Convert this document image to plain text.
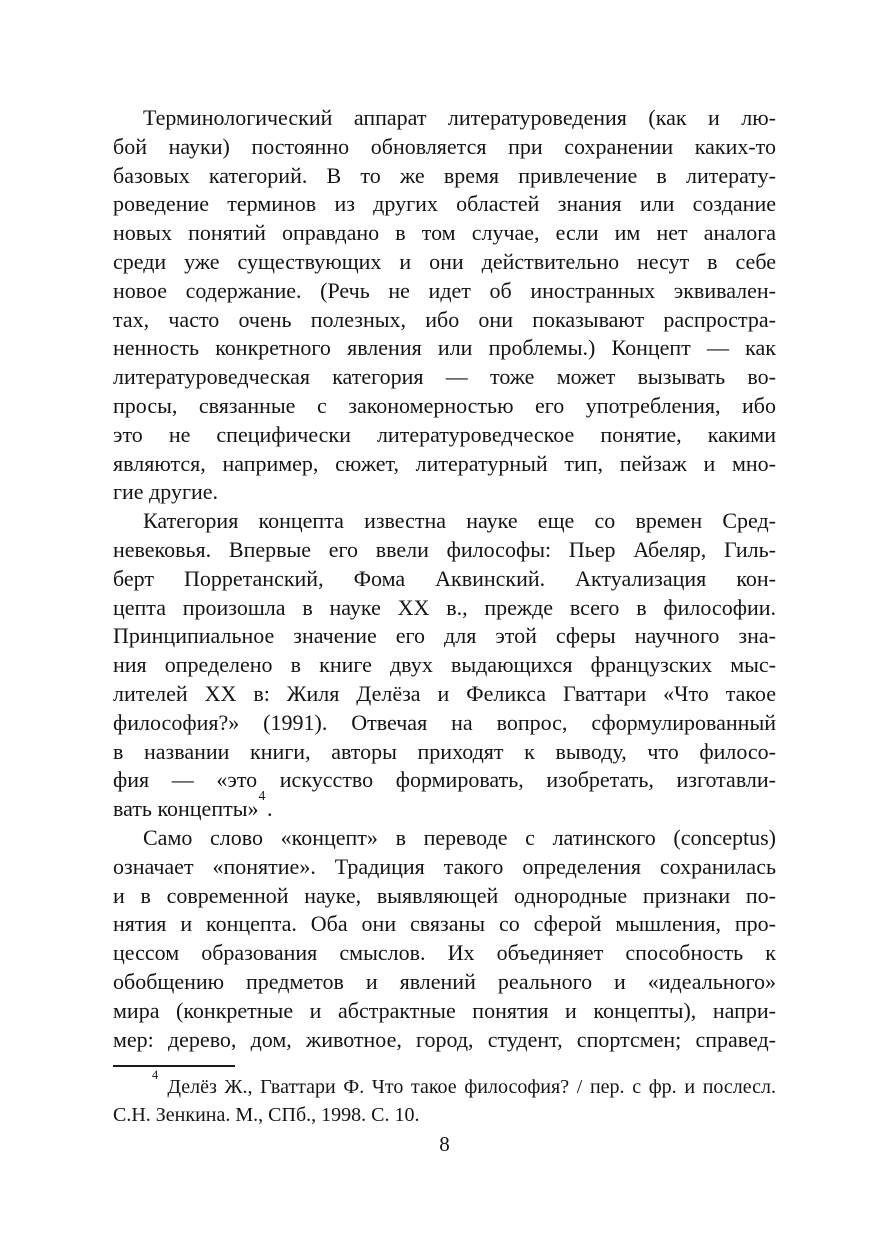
Терминологический аппарат литературоведения (как и лю-
бой науки) постоянно обновляется при сохранении каких-то
базовых категорий. В то же время привлечение в литерату-
роведение терминов из других областей знания или создание
новых понятий оправдано в том случае, если им нет аналога
среди уже существующих и они действительно несут в себе
новое содержание. (Речь не идет об иностранных эквивален-
тах, часто очень полезных, ибо они показывают распростра-
ненность конкретного явления или проблемы.) Концепт — как
литературоведческая категория — тоже может вызывать во-
просы, связанные с закономерностью его употребления, ибо
это не специфически литературоведческое понятие, какими
являются, например, сюжет, литературный тип, пейзаж и мно-
гие другие.
Категория концепта известна науке еще со времен Сред-
невековья. Впервые его ввели философы: Пьер Абеляр, Гиль-
берт Порретанский, Фома Аквинский. Актуализация кон-
цепта произошла в науке XX в., прежде всего в философии.
Принципиальное значение его для этой сферы научного зна-
ния определено в книге двух выдающихся французских мыс-
лителей XX в: Жиля Делёза и Феликса Гваттари «Что такое
философия?» (1991). Отвечая на вопрос, сформулированный
в названии книги, авторы приходят к выводу, что филосо-
фия — «это искусство формировать, изобретать, изготавли-
вать концепты»$^4$.
Само слово «концепт» в переводе с латинского (conceptus)
означает «понятие». Традиция такого определения сохранилась
и в современной науке, выявляющей однородные признаки по-
нятия и концепта. Оба они связаны со сферой мышления, про-
цессом образования смыслов. Их объединяет способность к
обобщению предметов и явлений реального и «идеального»
мира (конкретные и абстрактные понятия и концепты), напри-
мер: дерево, дом, животное, город, студент, спортсмен; справед-
$^4$ Делёз Ж., Гваттари Ф. Что такое философия? / пер. с фр. и послесл.
С.Н. Зенкина. М., СПб., 1998. С. 10.
8
